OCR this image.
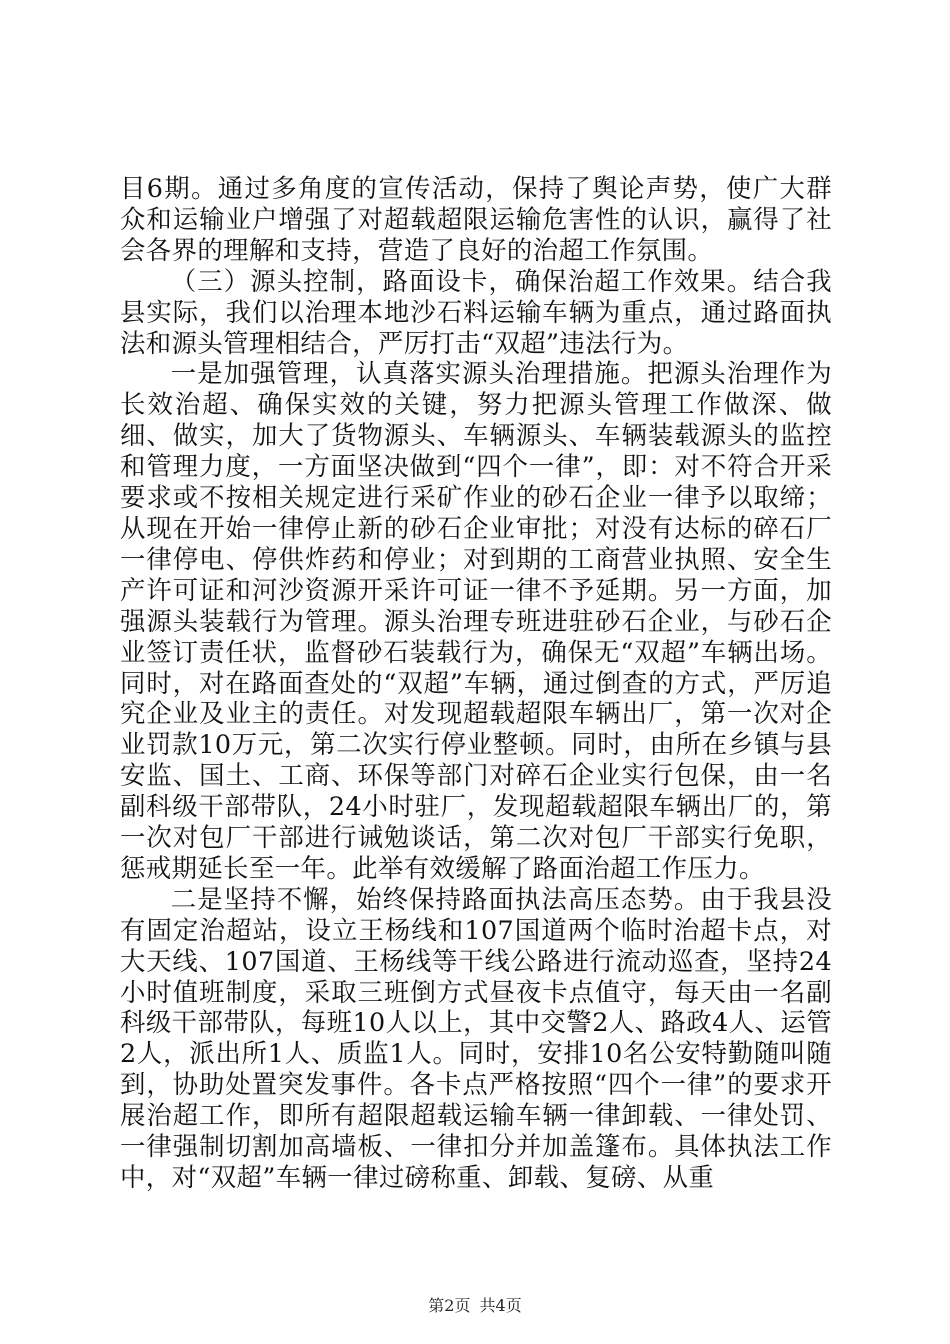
目6期。通过多角度的宣传活动，保持了舆论声势，使广大群众和运输业户增强了对超载超限运输危害性的认识，赢得了社会各界的理解和支持，营造了良好的治超工作氛围。

（三）源头控制，路面设卡，确保治超工作效果。结合我县实际，我们以治理本地沙石料运输车辆为重点，通过路面执法和源头管理相结合，严厉打击“双超”违法行为。

一是加强管理，认真落实源头治理措施。把源头治理作为长效治超、确保实效的关键，努力把源头管理工作做深、做细、做实，加大了货物源头、车辆源头、车辆装载源头的监控和管理力度，一方面坚决做到“四个一律”，即：对不符合开采要求或不按相关规定进行采矿作业的砂石企业一律予以取缔；从现在开始一律停止新的砂石企业审批；对没有达标的碎石厂一律停电、停供炸药和停业；对到期的工商营业执照、安全生产许可证和河沙资源开采许可证一律不予延期。另一方面，加强源头装载行为管理。源头治理专班进驻砂石企业，与砂石企业签订责任状，监督砂石装载行为，确保无“双超”车辆出场。同时，对在路面查处的“双超”车辆，通过倒查的方式，严厉追究企业及业主的责任。对发现超载超限车辆出厂，第一次对企业罚款10万元，第二次实行停业整顿。同时，由所在乡镇与县安监、国土、工商、环保等部门对碎石企业实行包保，由一名副科级干部带队，24小时驻厂，发现超载超限车辆出厂的，第一次对包厂干部进行诫勉谈话，第二次对包厂干部实行免职，惩戒期延长至一年。此举有效缓解了路面治超工作压力。

二是坚持不懈，始终保持路面执法高压态势。由于我县没有固定治超站，设立王杨线和107国道两个临时治超卡点，对大天线、107国道、王杨线等干线公路进行流动巡查，坚持24小时值班制度，采取三班倒方式昼夜卡点值守，每天由一名副科级干部带队，每班10人以上，其中交警2人、路政4人、运管2人，派出所1人、质监1人。同时，安排10名公安特勤随叫随到，协助处置突发事件。各卡点严格按照“四个一律”的要求开展治超工作，即所有超限超载运输车辆一律卸载、一律处罚、一律强制切割加高墙板、一律扣分并加盖篷布。具体执法工作中，对“双超”车辆一律过磅称重、卸载、复磅、从重

第2页 共4页
